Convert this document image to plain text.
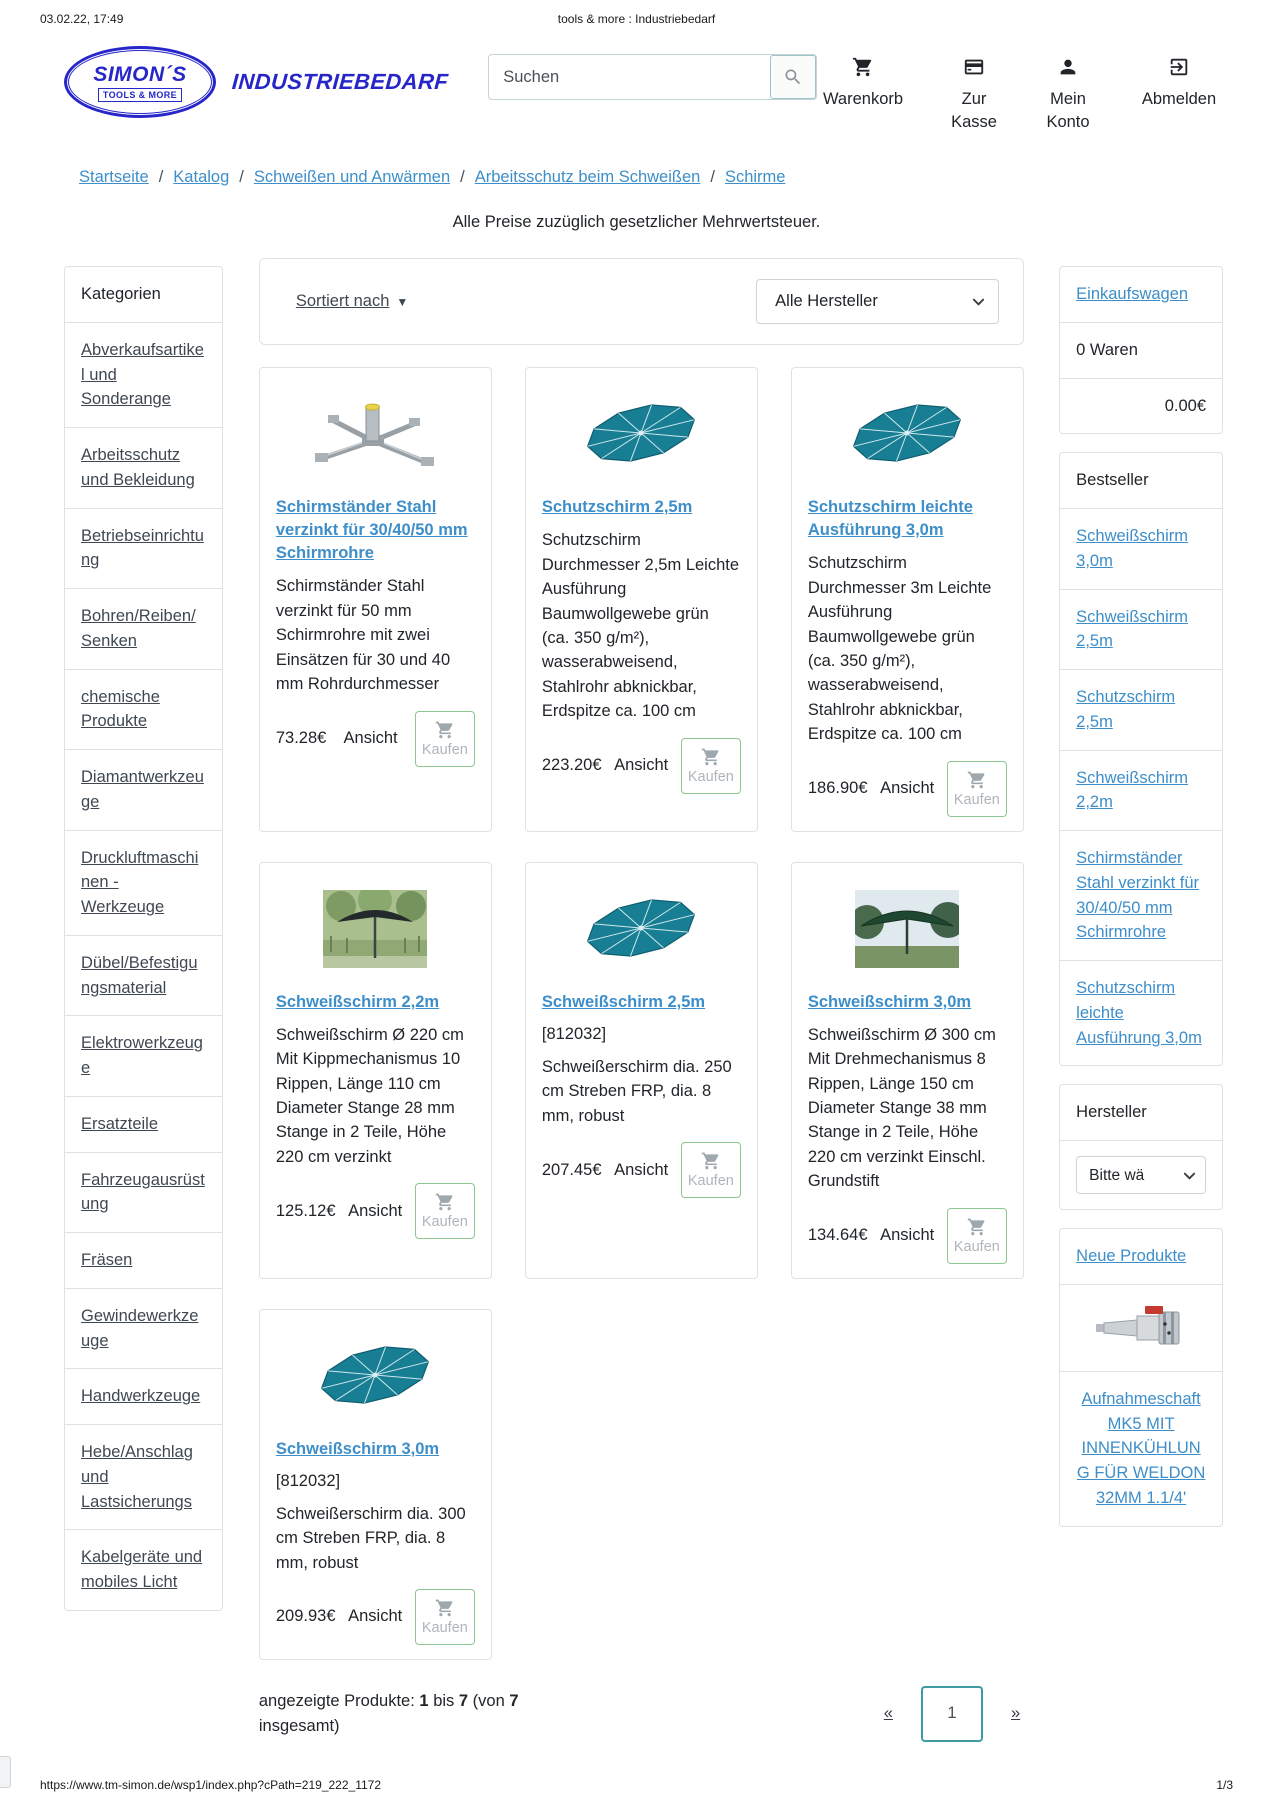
03.02.22, 17:49	tools & more : Industriebedarf
SIMON´S
TOOLS & MORE
INDUSTRIEBEDARF
Suchen
Warenkorb	Zur Kasse
Mein Konto
Abmelden
Startseite / Katalog / Schweißen und Anwärmen / Arbeitsschutz beim Schweißen / Schirme
Alle Preise zuzüglich gesetzlicher Mehrwertsteuer.
Kategorien
Abverkaufsartikel und Sonderange
Arbeitsschutz und Bekleidung
Betriebseinrichtung
Bohren/Reiben/Senken
chemische Produkte
Diamantwerkzeuge
Druckluftmaschinen - Werkzeuge
Dübel/Befestigungsmaterial
Elektrowerkzeuge
Ersatzteile
Fahrzeugausrüstung
Fräsen
Gewindewerkzeuge
Handwerkzeuge
Hebe/Anschlag und Lastsicherungs
Kabelgeräte und mobiles Licht
Sortiert nach ▼	Alle Hersteller
Schirmständer Stahl verzinkt für 30/40/50 mm Schirmrohre

Schirmständer Stahl verzinkt für 50 mm Schirmrohre mit zwei Einsätzen für 30 und 40 mm Rohrdurchmesser

73.28€ Ansicht
Kaufen
Schutzschirm 2,5m

Schutzschirm Durchmesser 2,5m Leichte Ausführung Baumwollgewebe grün (ca. 350 g/m²), wasserabweisend, Stahlrohr abknickbar, Erdspitze ca. 100 cm

223.20€ Ansicht
Kaufen
Schutzschirm leichte Ausführung 3,0m

Schutzschirm Durchmesser 3m Leichte Ausführung Baumwollgewebe grün (ca. 350 g/m²), wasserabweisend, Stahlrohr abknickbar, Erdspitze ca. 100 cm

186.90€ Ansicht
Kaufen
Schweißschirm 2,2m

Schweißschirm Ø 220 cm Mit Kippmechanismus 10 Rippen, Länge 110 cm Diameter Stange 28 mm Stange in 2 Teile, Höhe 220 cm verzinkt

125.12€ Ansicht
Kaufen
Schweißschirm 2,5m
[812032]

Schweißerschirm dia. 250 cm Streben FRP, dia. 8 mm, robust

207.45€ Ansicht
Kaufen
Schweißschirm 3,0m

Schweißschirm Ø 300 cm Mit Drehmechanismus 8 Rippen, Länge 150 cm Diameter Stange 38 mm Stange in 2 Teile, Höhe 220 cm verzinkt Einschl. Grundstift

134.64€ Ansicht
Kaufen
Schweißschirm 3,0m
[812032]

Schweißerschirm dia. 300 cm Streben FRP, dia. 8 mm, robust

209.93€ Ansicht
Kaufen

angezeigte Produkte: 1 bis 7 (von 7 insgesamt)

«	1	»
Einkaufswagen
0 Waren
0.00€
Bestseller
Schweißschirm 3,0m
Schweißschirm 2,5m
Schutzschirm 2,5m
Schweißschirm 2,2m
Schirmständer Stahl verzinkt für 30/40/50 mm Schirmrohre
Schutzschirm leichte Ausführung 3,0m
Hersteller
Bitte wä
Neue Produkte
Aufnahmeschaft MK5 MIT INNENKÜHLUNG FÜR WELDON 32MM 1.1/4'
https://www.tm-simon.de/wsp1/index.php?cPath=219_222_1172	1/3
